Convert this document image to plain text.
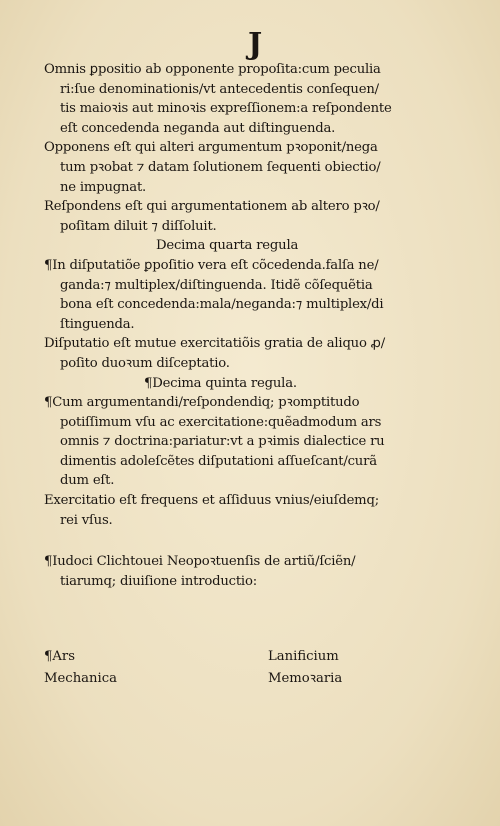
J
Omnis ꝑpositio ab opponente propoſita:cum peculia
ri:ſue denominationis/vt antecedentis conſequen/
tis maioꝛis aut minoꝛis expreſſionem:a reſpondente
eſt concedenda neganda aut diſtinguenda.
Opponens eſt qui alteri argumentum pꝛoponit/nega
tum pꝛobat ⁊ datam ſolutionem ſequenti obiectio/
ne impugnat.
Reſpondens eſt qui argumentationem ab altero pꝛo/
poſitam diluit ⁊ diſſoluit.
Decima quarta regula
¶In diſputatiõe ꝑpoſitio vera eſt cõcedenda.falſa ne/
ganda:⁊ multiplex/diſtinguenda. Itidẽ cõſequẽtia
bona eſt concedenda:mala/neganda:⁊ multiplex/di
ſtinguenda.
Diſputatio eſt mutue exercitatiõis gratia de aliquo ꝓ/
poſito duoꝛum diſceptatio.
¶Decima quinta regula.
¶Cum argumentandi/reſpondendiq; pꝛomptitudo
potiſſimum vſu ac exercitatione:quẽadmodum ars
omnis ⁊ doctrina:pariatur:vt a pꝛimis dialectice ru
dimentis adoleſcẽtes diſputationi aſſueſcant/curã
dum eſt.
Exercitatio eſt frequens et aſſiduus vnius/eiuſdemq;
rei vſus.
¶Iudoci Clichtouei Neopoꝛtuenſis de artiũ/ſciẽn/
tiarumq; diuiſione introductio:
¶Ars
Mechanica
Lanificium
Memoꝛaria
